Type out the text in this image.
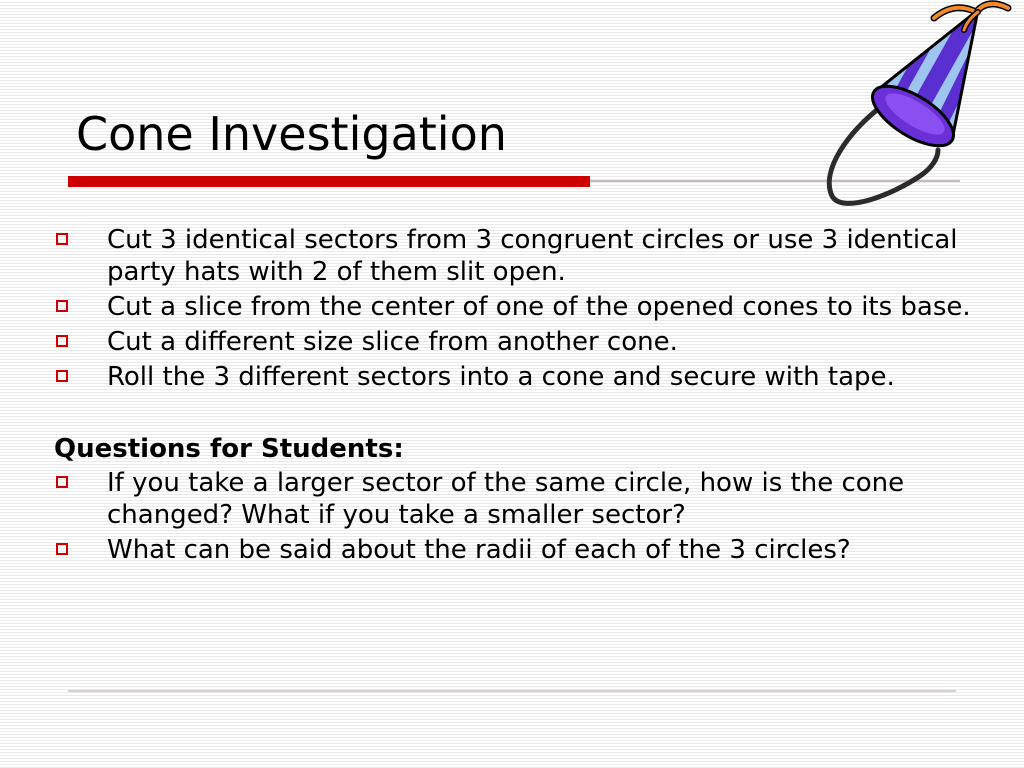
Cone Investigation
Cut 3 identical sectors from 3 congruent circles or use 3 identical party hats with 2 of them slit open.
Cut a slice from the center of one of the opened cones to its base.
Cut a different size slice from another cone.
Roll the 3 different sectors into a cone and secure with tape.

Questions for Students:

If you take a larger sector of the same circle, how is the cone changed? What if you take a smaller sector?
What can be said about the radii of each of the 3 circles?
